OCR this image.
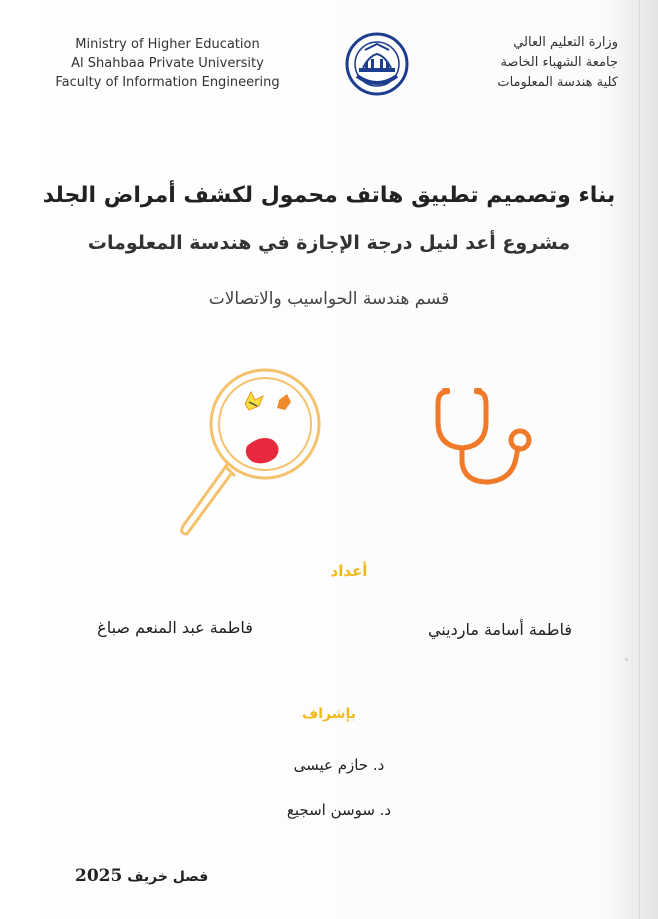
Ministry of Higher Education
Al Shahbaa Private University
Faculty of Information Engineering
وزارة التعليم العالي
جامعة الشهباء الخاصة
كلية هندسة المعلومات
بناء وتصميم تطبيق هاتف محمول لكشف أمراض الجلد
مشروع أعد لنيل درجة الإجازة في هندسة المعلومات
قسم هندسة الحواسيب والاتصالات
أعداد
فاطمة أسامة مارديني
فاطمة عبد المنعم صباغ
بإشراف
د. حازم عيسى
د. سوسن اسجيع
فصل خريف 2025
